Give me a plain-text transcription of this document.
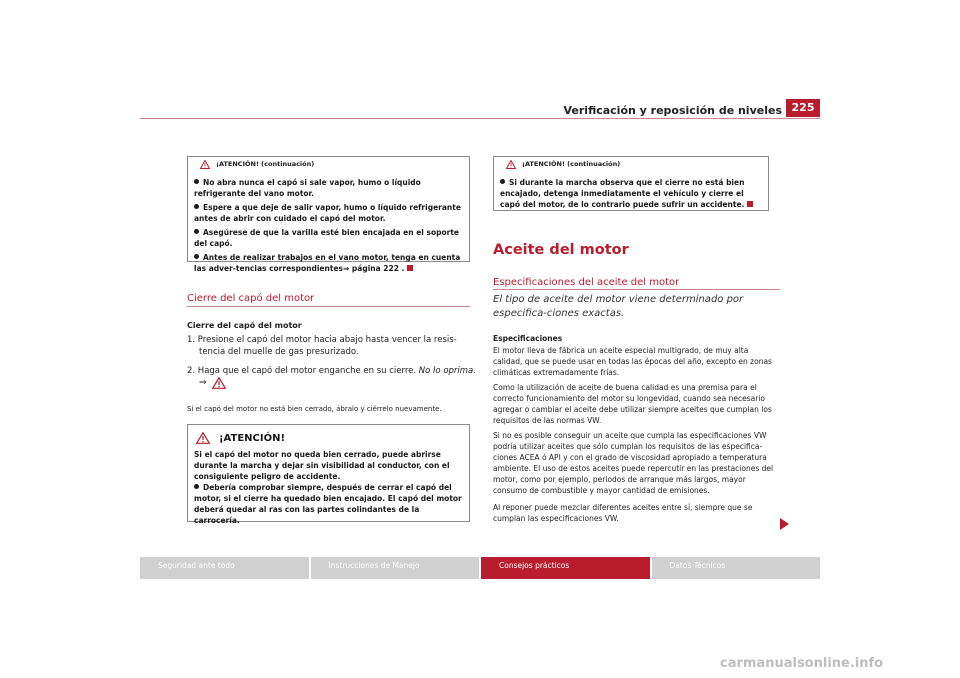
Verificación y reposición de niveles 225
¡ATENCIÓN! (continuación)
No abra nunca el capó si sale vapor, humo o líquido refrigerante del vano motor.
Espere a que deje de salir vapor, humo o líquido refrigerante antes de abrir con cuidado el capó del motor.
Asegúrese de que la varilla esté bien encajada en el soporte del capó.
Antes de realizar trabajos en el vano motor, tenga en cuenta las adver-tencias correspondientes⇒ página 222 .
Cierre del capó del motor
Cierre del capó del motor
1. Presione el capó del motor hacia abajo hasta vencer la resis-
tencia del muelle de gas presurizado.
2. Haga que el capó del motor enganche en su cierre. No lo oprima.
⇒
Si el capó del motor no está bien cerrado, ábralo y ciérrelo nuevamente.
¡ATENCIÓN!
Si el capó del motor no queda bien cerrado, puede abrirse durante la marcha y dejar sin visibilidad al conductor, con el consiguiente peligro de accidente.
Debería comprobar siempre, después de cerrar el capó del motor, si el cierre ha quedado bien encajado. El capó del motor deberá quedar al ras con las partes colindantes de la carrocería.
¡ATENCIÓN! (continuación)
Si durante la marcha observa que el cierre no está bien encajado, detenga inmediatamente el vehículo y cierre el capó del motor, de lo contrario puede sufrir un accidente.
Aceite del motor
Especificaciones del aceite del motor
El tipo de aceite del motor viene determinado por especifica-ciones exactas.
Especificaciones
El motor lleva de fábrica un aceite especial multigrado, de muy alta calidad, que se puede usar en todas las épocas del año, excepto en zonas climáticas extremadamente frías.
Como la utilización de aceite de buena calidad es una premisa para el correcto funcionamiento del motor su longevidad, cuando sea necesario agregar o cambiar el aceite debe utilizar siempre aceites que cumplan los requisitos de las normas VW.
Si no es posible conseguir un aceite que cumpla las especificaciones VW podría utilizar aceites que sólo cumplan los requisitos de las especifica-ciones ACEA ó API y con el grado de viscosidad apropiado a temperatura ambiente. El uso de estos aceites puede repercutir en las prestaciones del motor, como por ejemplo, periodos de arranque más largos, mayor consumo de combustible y mayor cantidad de emisiones.
Al reponer puede mezclar diferentes aceites entre sí, siempre que se cumplan las especificaciones VW.
Seguridad ante todo	Instrucciones de Manejo	Consejos prácticos	Datos Técnicos
carmanualsonline.info
